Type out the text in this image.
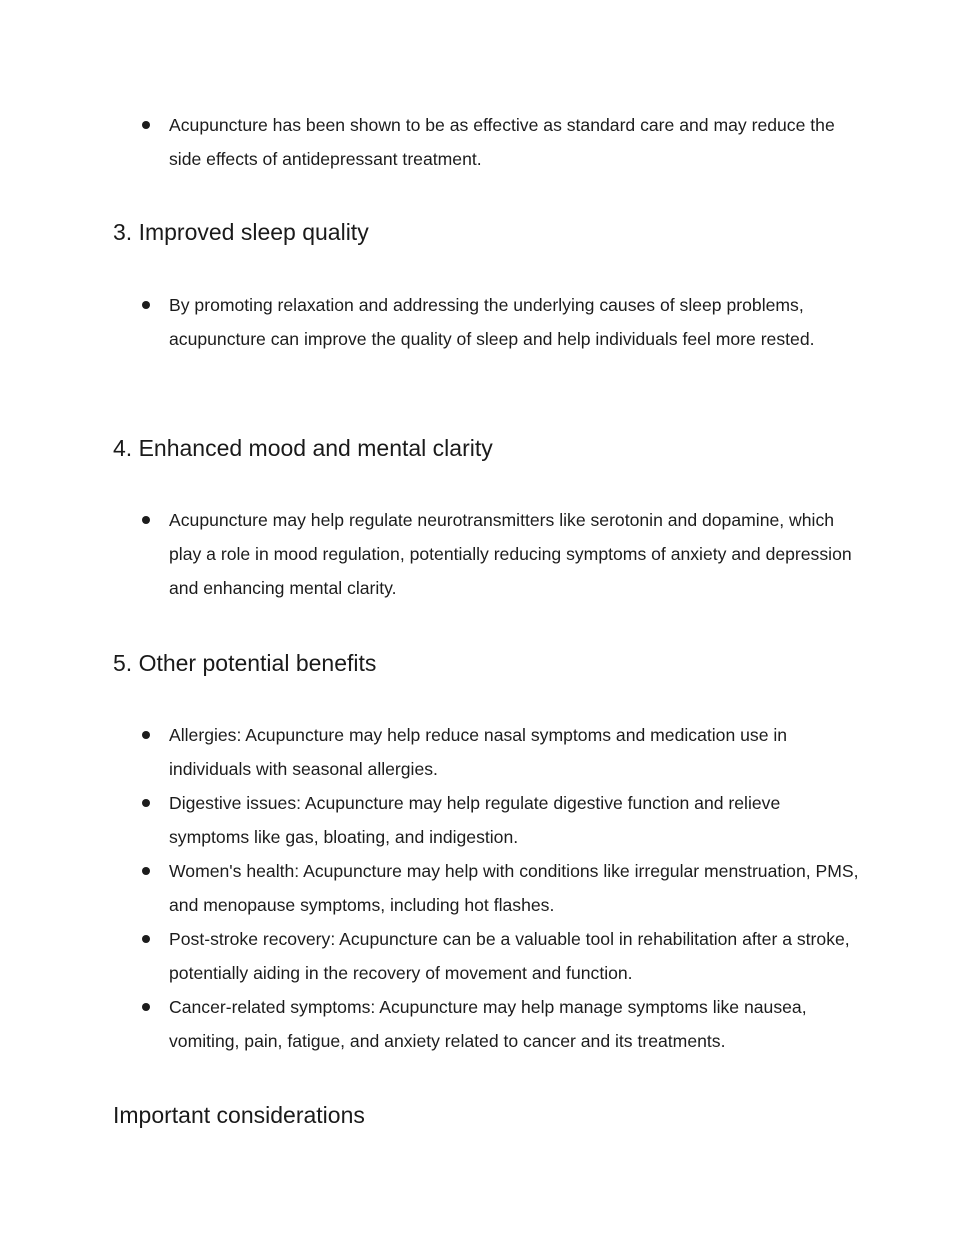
Acupuncture has been shown to be as effective as standard care and may reduce the side effects of antidepressant treatment.
3. Improved sleep quality
By promoting relaxation and addressing the underlying causes of sleep problems, acupuncture can improve the quality of sleep and help individuals feel more rested.
4. Enhanced mood and mental clarity
Acupuncture may help regulate neurotransmitters like serotonin and dopamine, which play a role in mood regulation, potentially reducing symptoms of anxiety and depression and enhancing mental clarity.
5. Other potential benefits
Allergies: Acupuncture may help reduce nasal symptoms and medication use in individuals with seasonal allergies.
Digestive issues: Acupuncture may help regulate digestive function and relieve symptoms like gas, bloating, and indigestion.
Women's health: Acupuncture may help with conditions like irregular menstruation, PMS, and menopause symptoms, including hot flashes.
Post-stroke recovery: Acupuncture can be a valuable tool in rehabilitation after a stroke, potentially aiding in the recovery of movement and function.
Cancer-related symptoms: Acupuncture may help manage symptoms like nausea, vomiting, pain, fatigue, and anxiety related to cancer and its treatments.
Important considerations
